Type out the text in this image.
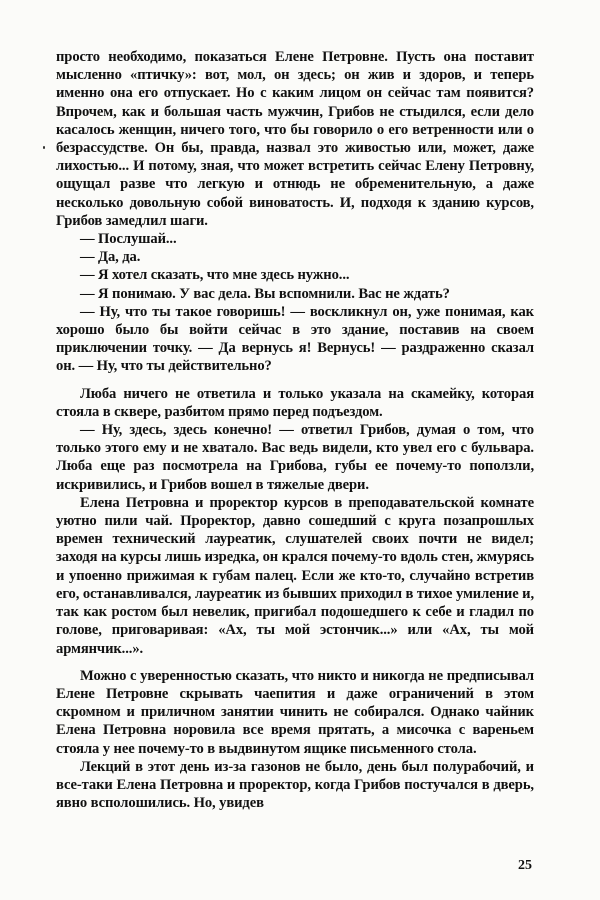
просто необходимо, показаться Елене Петровне. Пусть она поставит мысленно «птичку»: вот, мол, он здесь; он жив и здоров, и теперь именно она его отпускает. Но с каким лицом он сейчас там появится? Впрочем, как и большая часть мужчин, Грибов не стыдился, если дело касалось женщин, ничего того, что бы говорило о его ветренности или о безрассудстве. Он бы, правда, назвал это живостью или, может, даже лихостью... И потому, зная, что может встретить сейчас Елену Петровну, ощущал разве что легкую и отнюдь не обременительную, а даже несколько довольную собой виноватость. И, подходя к зданию курсов, Грибов замедлил шаги.

— Послушай...

— Да, да.

— Я хотел сказать, что мне здесь нужно...

— Я понимаю. У вас дела. Вы вспомнили. Вас не ждать?

— Ну, что ты такое говоришь! — воскликнул он, уже понимая, как хорошо было бы войти сейчас в это здание, поставив на своем приключении точку. — Да вернусь я! Вернусь! — раздраженно сказал он. — Ну, что ты действительно?

Люба ничего не ответила и только указала на скамейку, которая стояла в сквере, разбитом прямо перед подъездом.

— Ну, здесь, здесь конечно! — ответил Грибов, думая о том, что только этого ему и не хватало. Вас ведь видели, кто увел его с бульвара. Люба еще раз посмотрела на Грибова, губы ее почему-то поползли, искривились, и Грибов вошел в тяжелые двери.

Елена Петровна и проректор курсов в преподавательской комнате уютно пили чай. Проректор, давно сошедший с круга позапрошлых времен технический лауреатик, слушателей своих почти не видел; заходя на курсы лишь изредка, он крался почему-то вдоль стен, жмурясь и упоенно прижимая к губам палец. Если же кто-то, случайно встретив его, останавливался, лауреатик из бывших приходил в тихое умиление и, так как ростом был невелик, пригибал подошедшего к себе и гладил по голове, приговаривая: «Ах, ты мой эстончик...» или «Ах, ты мой армянчик...».

Можно с уверенностью сказать, что никто и никогда не предписывал Елене Петровне скрывать чаепития и даже ограничений в этом скромном и приличном занятии чинить не собирался. Однако чайник Елена Петровна норовила все время прятать, а мисочка с вареньем стояла у нее почему-то в выдвинутом ящике письменного стола.

Лекций в этот день из-за газонов не было, день был полурабочий, и все-таки Елена Петровна и проректор, когда Грибов постучался в дверь, явно всполошились. Но, увидев

25
